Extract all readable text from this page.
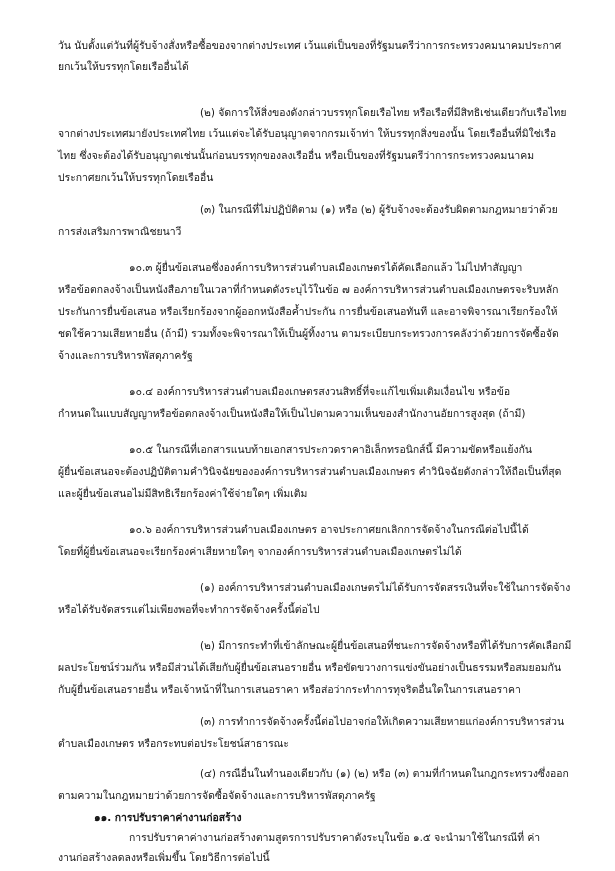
วัน นับตั้งแต่วันที่ผู้รับจ้างสั่งหรือซื้อของจากต่างประเทศ เว้นแต่เป็นของที่รัฐมนตรีว่าการกระทรวงคมนาคมประกาศ
ยกเว้นให้บรรทุกโดยเรืออื่นได้
(๒) จัดการให้สิ่งของดังกล่าวบรรทุกโดยเรือไทย หรือเรือที่มีสิทธิเช่นเดียวกับเรือไทย
จากต่างประเทศมายังประเทศไทย เว้นแต่จะได้รับอนุญาตจากกรมเจ้าท่า ให้บรรทุกสิ่งของนั้น โดยเรืออื่นที่มิใช่เรือ
ไทย ซึ่งจะต้องได้รับอนุญาตเช่นนั้นก่อนบรรทุกของลงเรืออื่น หรือเป็นของที่รัฐมนตรีว่าการกระทรวงคมนาคม
ประกาศยกเว้นให้บรรทุกโดยเรืออื่น
(๓) ในกรณีที่ไม่ปฏิบัติตาม (๑) หรือ (๒) ผู้รับจ้างจะต้องรับผิดตามกฎหมายว่าด้วย
การส่งเสริมการพาณิชยนาวี
๑๐.๓ ผู้ยื่นข้อเสนอซึ่งองค์การบริหารส่วนตำบลเมืองเกษตรได้คัดเลือกแล้ว ไม่ไปทำสัญญา
หรือข้อตกลงจ้างเป็นหนังสือภายในเวลาที่กำหนดดังระบุไว้ในข้อ ๗ องค์การบริหารส่วนตำบลเมืองเกษตรจะริบหลัก
ประกันการยื่นข้อเสนอ หรือเรียกร้องจากผู้ออกหนังสือค้ำประกัน การยื่นข้อเสนอทันที และอาจพิจารณาเรียกร้องให้
ชดใช้ความเสียหายอื่น (ถ้ามี) รวมทั้งจะพิจารณาให้เป็นผู้ทิ้งงาน ตามระเบียบกระทรวงการคลังว่าด้วยการจัดซื้อจัด
จ้างและการบริหารพัสดุภาครัฐ
๑๐.๔ องค์การบริหารส่วนตำบลเมืองเกษตรสงวนสิทธิ์ที่จะแก้ไขเพิ่มเติมเงื่อนไข หรือข้อ
กำหนดในแบบสัญญาหรือข้อตกลงจ้างเป็นหนังสือให้เป็นไปตามความเห็นของสำนักงานอัยการสูงสุด (ถ้ามี)
๑๐.๕ ในกรณีที่เอกสารแนบท้ายเอกสารประกวดราคาอิเล็กทรอนิกส์นี้ มีความขัดหรือแย้งกัน
ผู้ยื่นข้อเสนอจะต้องปฏิบัติตามคำวินิจฉัยขององค์การบริหารส่วนตำบลเมืองเกษตร คำวินิจฉัยดังกล่าวให้ถือเป็นที่สุด
และผู้ยื่นข้อเสนอไม่มีสิทธิเรียกร้องค่าใช้จ่ายใดๆ เพิ่มเติม
๑๐.๖ องค์การบริหารส่วนตำบลเมืองเกษตร อาจประกาศยกเลิกการจัดจ้างในกรณีต่อไปนี้ได้
โดยที่ผู้ยื่นข้อเสนอจะเรียกร้องค่าเสียหายใดๆ จากองค์การบริหารส่วนตำบลเมืองเกษตรไม่ได้
(๑) องค์การบริหารส่วนตำบลเมืองเกษตรไม่ได้รับการจัดสรรเงินที่จะใช้ในการจัดจ้าง
หรือได้รับจัดสรรแต่ไม่เพียงพอที่จะทำการจัดจ้างครั้งนี้ต่อไป
(๒) มีการกระทำที่เข้าลักษณะผู้ยื่นข้อเสนอที่ชนะการจัดจ้างหรือที่ได้รับการคัดเลือกมี
ผลประโยชน์ร่วมกัน หรือมีส่วนได้เสียกับผู้ยื่นข้อเสนอรายอื่น หรือขัดขวางการแข่งขันอย่างเป็นธรรมหรือสมยอมกัน
กับผู้ยื่นข้อเสนอรายอื่น หรือเจ้าหน้าที่ในการเสนอราคา หรือส่อว่ากระทำการทุจริตอื่นใดในการเสนอราคา
(๓) การทำการจัดจ้างครั้งนี้ต่อไปอาจก่อให้เกิดความเสียหายแก่องค์การบริหารส่วน
ตำบลเมืองเกษตร หรือกระทบต่อประโยชน์สาธารณะ
(๔) กรณีอื่นในทำนองเดียวกับ (๑) (๒) หรือ (๓) ตามที่กำหนดในกฎกระทรวงซึ่งออก
ตามความในกฎหมายว่าด้วยการจัดซื้อจัดจ้างและการบริหารพัสดุภาครัฐ
๑๑. การปรับราคาค่างานก่อสร้าง
การปรับราคาค่างานก่อสร้างตามสูตรการปรับราคาดังระบุในข้อ ๑.๕ จะนำมาใช้ในกรณีที่ ค่า
งานก่อสร้างลดลงหรือเพิ่มขึ้น โดยวิธีการต่อไปนี้
